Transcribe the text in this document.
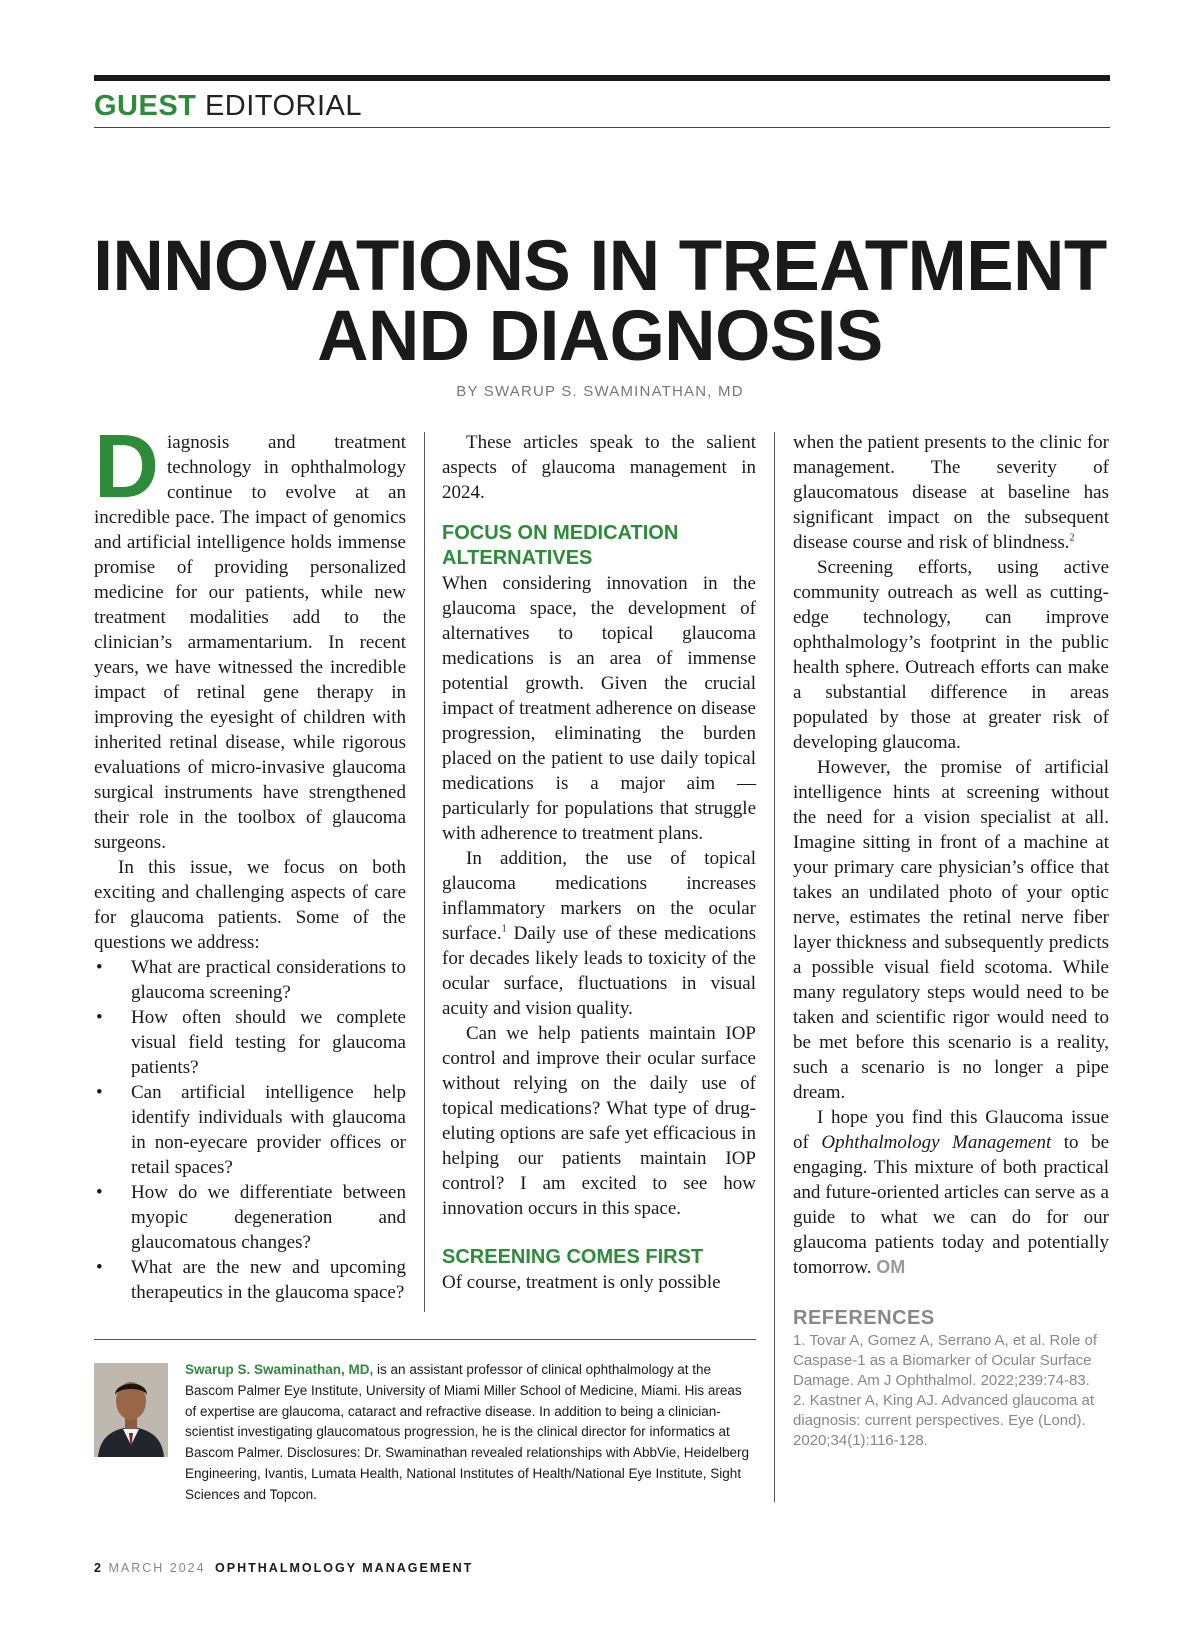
GUEST EDITORIAL
INNOVATIONS IN TREATMENT
AND DIAGNOSIS
BY SWARUP S. SWAMINATHAN, MD

Diagnosis and treatment technology in ophthalmology continue to evolve at an incredible pace. The impact of genomics and artificial intelligence holds immense promise of providing personalized medicine for our patients, while new treatment modalities add to the clinician’s armamentarium. In recent years, we have witnessed the incredible impact of retinal gene therapy in improving the eyesight of children with inherited retinal disease, while rigorous evaluations of micro-invasive glaucoma surgical instruments have strengthened their role in the toolbox of glaucoma surgeons.

In this issue, we focus on both exciting and challenging aspects of care for glaucoma patients. Some of the questions we address:

• What are practical considerations to glaucoma screening?
• How often should we complete visual field testing for glaucoma patients?
• Can artificial intelligence help identify individuals with glaucoma in non-eyecare provider offices or retail spaces?
• How do we differentiate between myopic degeneration and glaucomatous changes?
• What are the new and upcoming therapeutics in the glaucoma space?

These articles speak to the salient aspects of glaucoma management in 2024.

FOCUS ON MEDICATION ALTERNATIVES

When considering innovation in the glaucoma space, the development of alternatives to topical glaucoma medications is an area of immense potential growth. Given the crucial impact of treatment adherence on disease progression, eliminating the burden placed on the patient to use daily topical medications is a major aim — particularly for populations that struggle with adherence to treatment plans.

In addition, the use of topical glaucoma medications increases inflammatory markers on the ocular surface.$^1$ Daily use of these medications for decades likely leads to toxicity of the ocular surface, fluctuations in visual acuity and vision quality.

Can we help patients maintain IOP control and improve their ocular surface without relying on the daily use of topical medications? What type of drug-eluting options are safe yet efficacious in helping our patients maintain IOP control? I am excited to see how innovation occurs in this space.

SCREENING COMES FIRST

Of course, treatment is only possible

when the patient presents to the clinic for management. The severity of glaucomatous disease at baseline has significant impact on the subsequent disease course and risk of blindness.$^2$

Screening efforts, using active community outreach as well as cutting-edge technology, can improve ophthalmology’s footprint in the public health sphere. Outreach efforts can make a substantial difference in areas populated by those at greater risk of developing glaucoma.

However, the promise of artificial intelligence hints at screening without the need for a vision specialist at all. Imagine sitting in front of a machine at your primary care physician’s office that takes an undilated photo of your optic nerve, estimates the retinal nerve fiber layer thickness and subsequently predicts a possible visual field scotoma. While many regulatory steps would need to be taken and scientific rigor would need to be met before this scenario is a reality, such a scenario is no longer a pipe dream.

I hope you find this Glaucoma issue of Ophthalmology Management to be engaging. This mixture of both practical and future-oriented articles can serve as a guide to what we can do for our glaucoma patients today and potentially tomorrow. OM

REFERENCES

1. Tovar A, Gomez A, Serrano A, et al. Role of Caspase-1 as a Biomarker of Ocular Surface Damage. Am J Ophthalmol. 2022;239:74-83.

2. Kastner A, King AJ. Advanced glaucoma at diagnosis: current perspectives. Eye (Lond). 2020;34(1):116-128.

Swarup S. Swaminathan, MD, is an assistant professor of clinical ophthalmology at the Bascom Palmer Eye Institute, University of Miami Miller School of Medicine, Miami. His areas of expertise are glaucoma, cataract and refractive disease. In addition to being a clinician-scientist investigating glaucomatous progression, he is the clinical director for informatics at Bascom Palmer. Disclosures: Dr. Swaminathan revealed relationships with AbbVie, Heidelberg Engineering, Ivantis, Lumata Health, National Institutes of Health/National Eye Institute, Sight Sciences and Topcon.
2 MARCH 2024 OPHTHALMOLOGY MANAGEMENT
